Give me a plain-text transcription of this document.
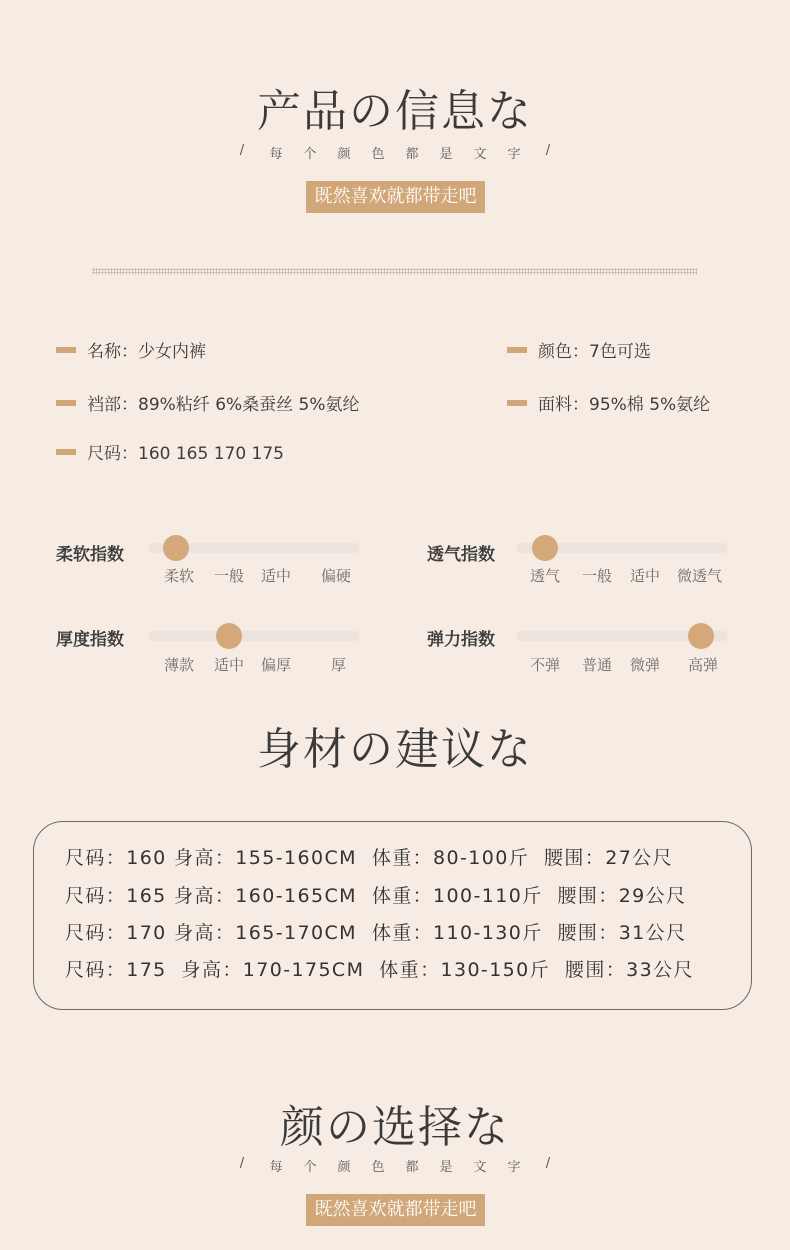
产品の信息な
/	每	个	颜	色	都	是	文	字	/
既然喜欢就都带走吧
名称：少女内裤	颜色：7色可选
裆部：89%粘纤 6%桑蚕丝 5%氨纶	面料：95%棉 5%氨纶
尺码：160 165 170 175
柔软指数
柔软 一般 适中 偏硬
透气指数
透气 一般 适中 微透气
厚度指数
薄款 适中 偏厚	厚
弹力指数
不弹 普通 微弹 高弹
身材の建议な
尺码：160 身高：155-160CM  体重：80-100斤  腰围：27公尺
尺码：165 身高：160-165CM  体重：100-110斤  腰围：29公尺
尺码：170 身高：165-170CM  体重：110-130斤  腰围：31公尺
尺码：175  身高：170-175CM  体重：130-150斤  腰围：33公尺
颜の选择な
/	每	个	颜	色	都	是	文	字	/
既然喜欢就都带走吧
